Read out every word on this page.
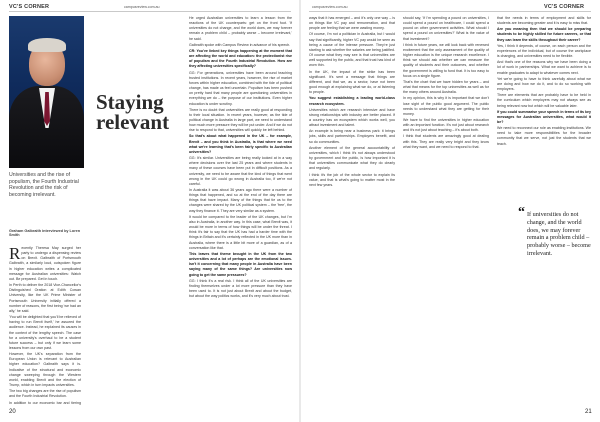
VC'S CORNER	campusreview.com.au
Universities and the rise of populism, the Fourth Industrial Revolution and the risk of becoming irrelevant.
Graham Galbraith interviewed by Loren Smith
Staying relevant

Recently Theresa May surged her party to undergo a dispensing review on Brexit. Galbraith of Portsmouth Galbraith, a similarly loud, outspoken figure in higher education writes a complicated message for Australian universities: Watch out. Be prepared. Get in touch.

In Perth to deliver the 2018 Vice-Chancellor's Distinguished Oration at Edith Cowan University, like the UK Prime Minister of Portsmouth University initially offered a number of reasons, the first being 'we had an ally,' he said.

'You will be delighted that you'll be relieved of having to run Brexit itself,' he assured the audience. Instead, he explained its causes in the context of the lengthy speech. The case for a university's overhaul to be a student future success – but only if we learn some lessons from our own past.

However, the UK's separation from the European Union is relevant to Australian higher education? Galbraith says it is. Indicative of the structural and economic change sweeping through the Western world, enabling Brexit and the election of Trump, which in turn impacts universities.

The two big changes are the rise of populism and the Fourth Industrial Revolution.

In addition to our economic bar and tiering

He urged Australian universities to learn a lesson from the reactions of the UK counterparts: get on the front foot. 'If universities do not change, and the world does, we may forever remain a problem child – probably worse – become irrelevant,' he said.

Galbraith spoke with Campus Review in advance of his speech.

CR: You've linked key things happening at the moment that are affecting the world and education: the protectionist rise of populism and the Fourth Industrial Revolution. How are they affecting universities specifically?

GG: For generations, universities have been around teaching trusted institutions. In recent years, however, the rise of market forces within higher education, combined with the tide of political change, has made us feel uncertain. Populism has been pushed on pretty hard that many people are questioning universities in everything we do – the purpose of our institutions. Even higher education is under scrutiny.

There is no doubt that universities are really good at responding to their local situation. In recent years, however, as the tide of political change in Australia in large part, we need to understand how much more pressure they will be put under. And if we do not rise to respond to that, universities will quickly be left behind.

So that's about what happened in the UK – for example, Brexit – and you think in Australia, is that where we need what we're learning that's been fairly specific to Australian universities?

GG: It's similar. Universities are being really looked at in a way where decisions over the last 25 years and where students in many of these courses have been put in difficult positions. As a university, we need to be aware that the kind of things that went wrong in the UK could go wrong in Australia too, if we're not careful.

In Australia it was about 36 years ago there were a number of things that happened, and so at the end of the day there are things that have impact. Many of the things that tie us to the changes were shared by the UK political system – the 'free', the way they finance it. They are very similar as a system.

It would be compared to the leader of the UK changes, but I'm also in Australia, in another way. In this case, what Brexit was, it would be more in terms of how things will be under the threat. I think it's fair to say that the UK has had a harder time with the things in Britain and it's certainly reflected in the UK more than in Australia, where there is a little bit more of a guardian, as of a conversation like that.

This leaves that theme brought in the UK from the two universities and a lot of perhaps are the emotional issues. Isn't it concerning that many people in Australia have been saying many of the same things? Are universities now going to get the same pressures?

GG: I think it's a real risk. I think all of the UK universities are finding themselves under a lot more pressure than they have been used to. It is not just about Brexit and about the budget, but about the way politics works, and it's very much about trust.

20
campusreview.com.au	VC'S CORNER

ways that it has emerged – and it's only one way – is on things like VC pay and remuneration, and that people are feeling that we were wasting money.

Of course, I'm not a politician in Australia, but I would say that significantly, higher VC pay would be seen as being a cause of the intense pressure. They're just starting to ask whether the salaries are being justified. Of course what they may see is that universities are well supported by the public, and that trust has kind of worn thin.

In the UK, the impact of the strike has been significant. It's sent a message that things are different, and that we, as a sector, have not been good enough at explaining what we do, or at listening to people.

You suggest establishing a leading world-class research ecosystem.

Universities which are research intensive and have strong relationships with industry are better placed. If a country has an ecosystem which works well, you attract investment and talent.

An example is being near a business park: it brings jobs, skills and partnerships. Employers benefit, and so do communities.

Another element of the general accountability of universities, which I think it's not always understood by government and the public, is how important it is that universities communicate what they do clearly and regularly.

I think it's the job of the whole sector to explain its value, and that is what's going to matter most in the next few years.

should say, 'If I'm spending a pound on universities, I could spend a pound on healthcare, I could spend a pound on other government activities. What should I spend a pound on universities?' What is the value of that investment?

I think in future years, we will look back with renewed excitement that the only assessment of the quality of higher education is the unique research excellence. I think we should ask whether we can measure the quality of students and their outcomes, and whether the government is willing to fund that. It is too easy to focus on a single figure.

That's the chart that we have hidden for years – and what that means for the top universities as well as for the many others around Australia.

In my opinion, this is why it is important that we don't lose sight of the public good argument. The public needs to understand what they are getting for their money.

We have to find the universities in higher education with an important function. It's not just about research and it's not just about teaching – it's about both.

I think that students are amazingly good at dealing with this. They are really very bright and they know what they want, and we need to respond to that.

that the needs in terms of employment and skills for students are becoming greater and it is easy to miss that.

Are you meaning then that we should be preparing students to be highly skilled for future careers, or that they can learn the skills throughout their career?

Yes, I think it depends, of course, on each person and the experiences of the individual, but of course the workplace is changing, and universities need to be flexible.

And that's one of the reasons why we have been doing a lot of work in partnerships. What we want to achieve is to enable graduates to adapt to whatever comes next.

Yet we're going to have to think carefully about what we are doing and how we do it, and to do so working with employers.

There are elements that are probably have to be held in the curriculum which employers may not always see as being relevant now but which will be valuable later.

If you could summarise your speech in terms of its key messages for Australian universities, what would it be?

We need to reconnect our role as enabling institutions. We need to take more responsibilities for the broader community that we serve, not just the students that we teach.

“ If universities do not change, and the world does, we may forever remain a problem child – probably worse – become irrelevant.
21
